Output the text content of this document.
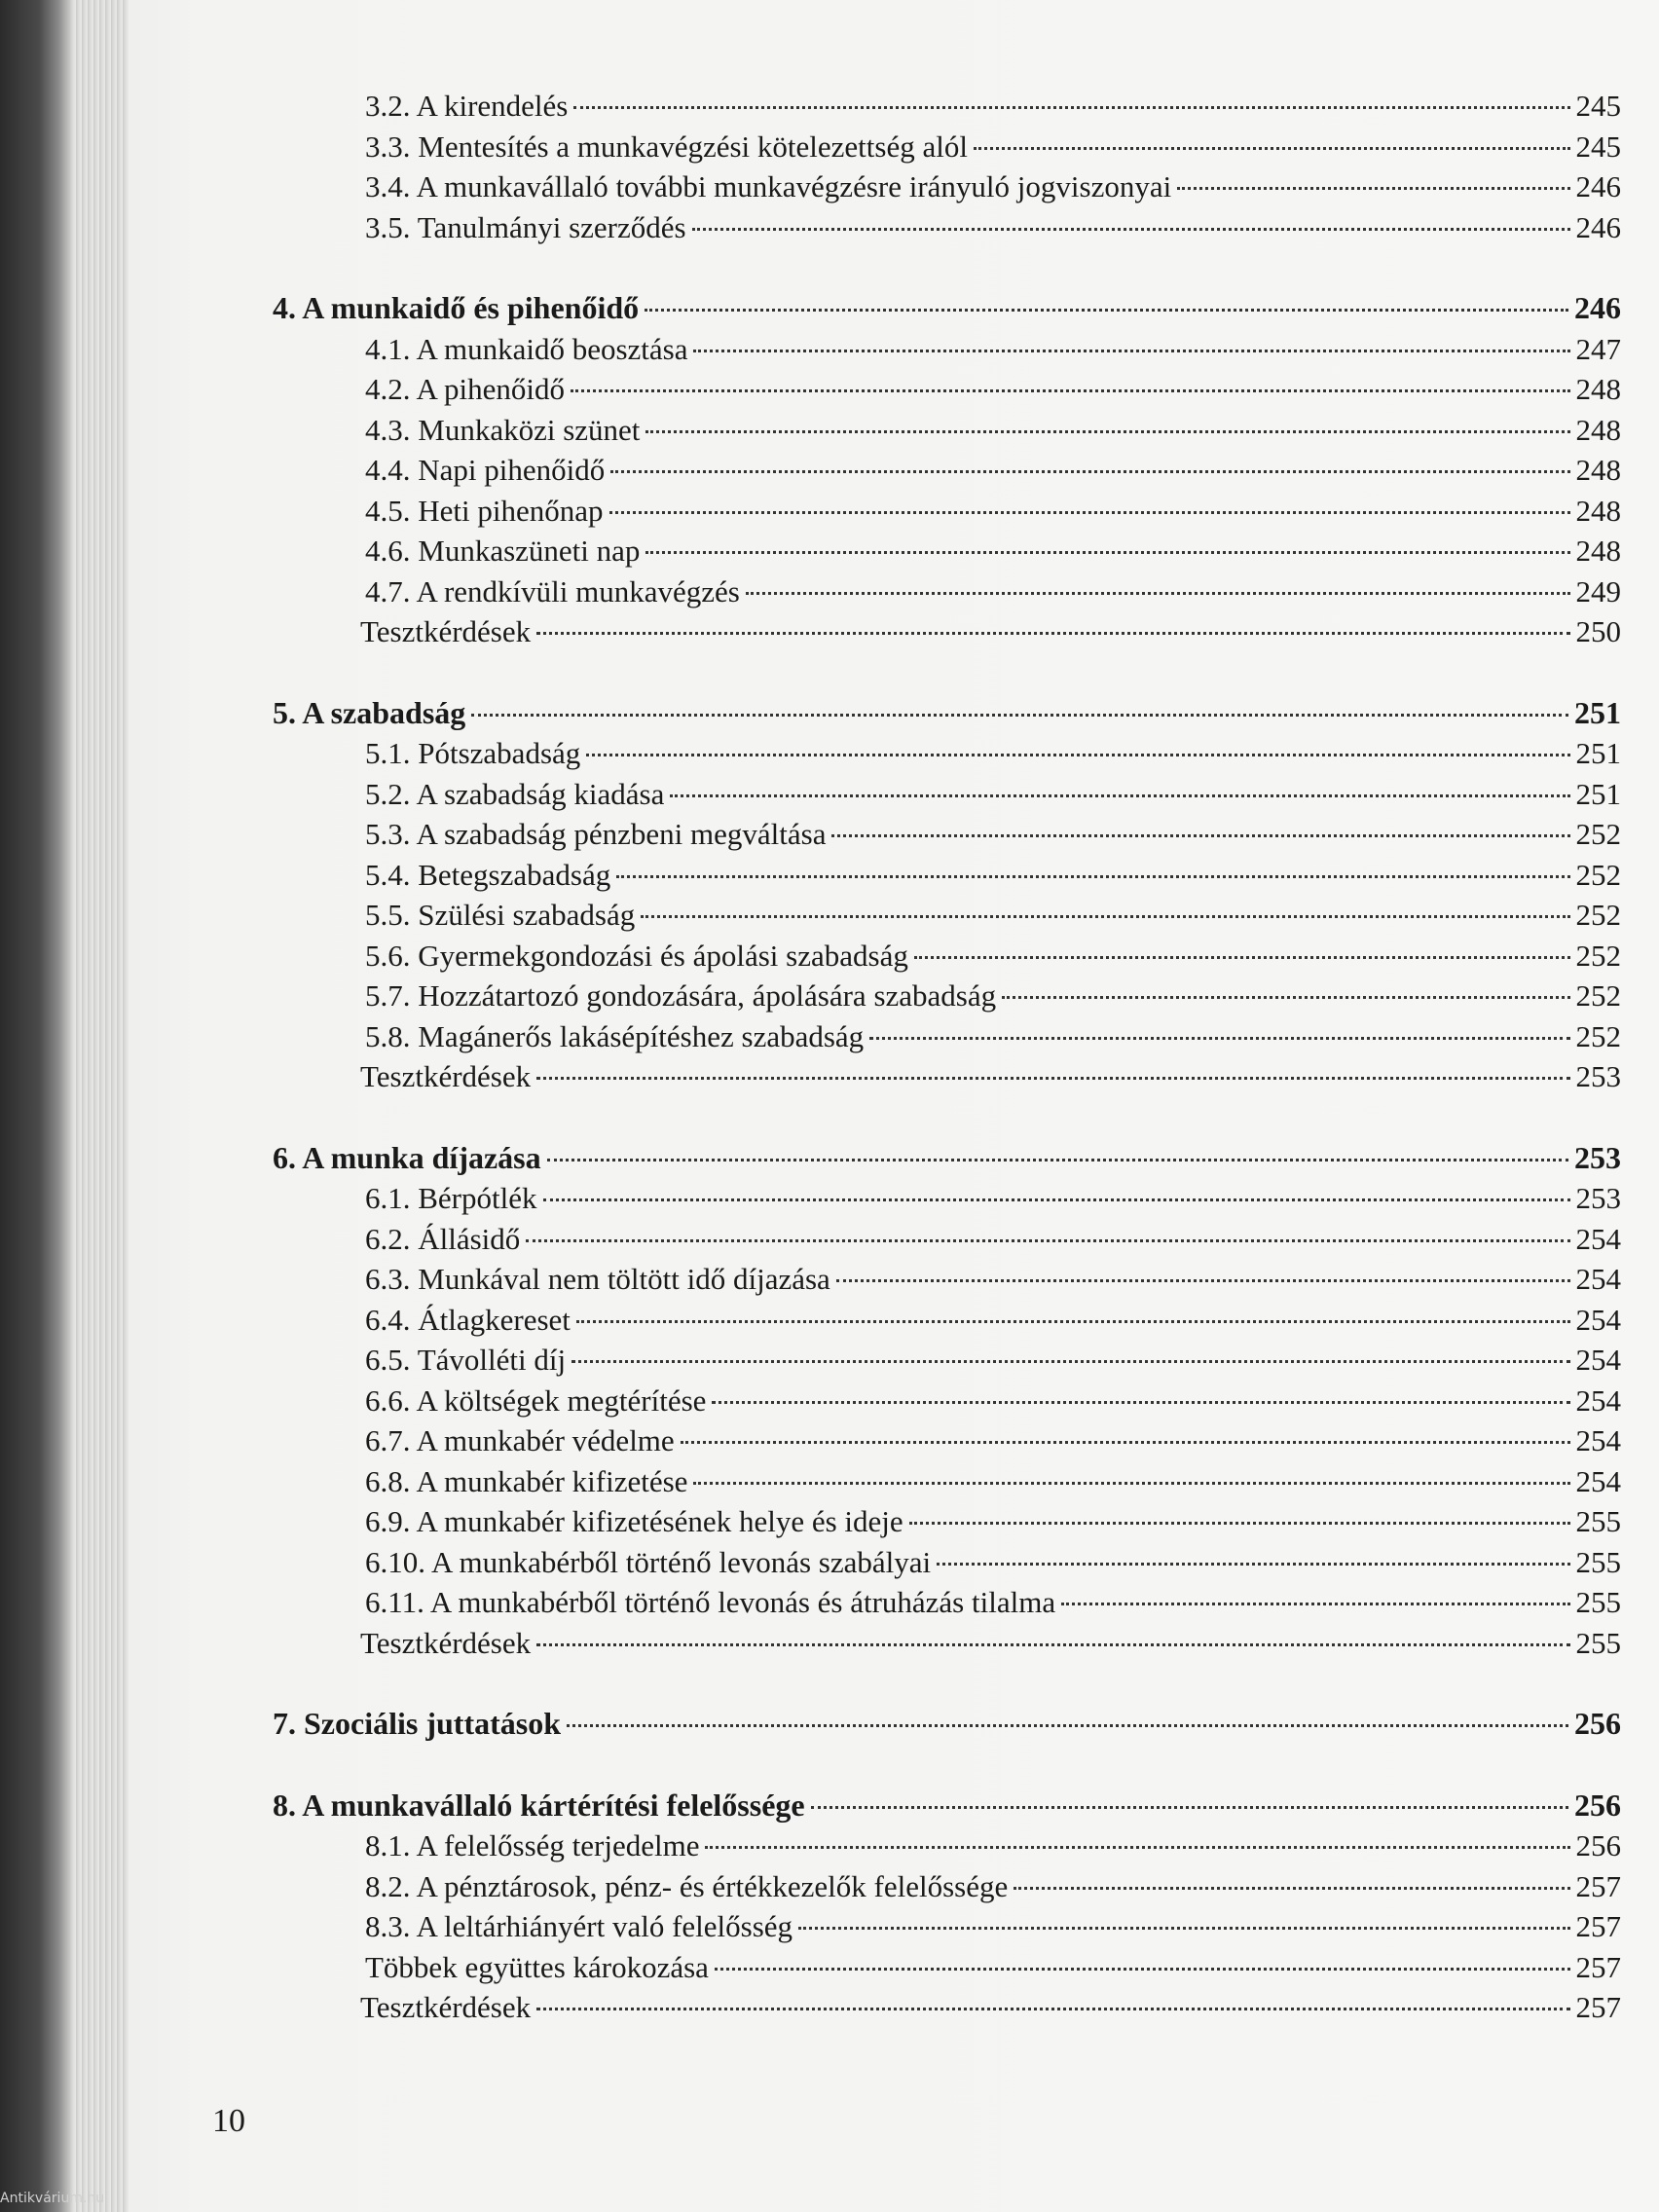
3.2. A kirendelés	245
3.3. Mentesítés a munkavégzési kötelezettség alól	245
3.4. A munkavállaló további munkavégzésre irányuló jogviszonyai	246
3.5. Tanulmányi szerződés	246
4. A munkaidő és pihenőidő	246
4.1. A munkaidő beosztása	247
4.2. A pihenőidő	248
4.3. Munkaközi szünet	248
4.4. Napi pihenőidő	248
4.5. Heti pihenőnap	248
4.6. Munkaszüneti nap	248
4.7. A rendkívüli munkavégzés	249
Tesztkérdések	250
5. A szabadság	251
5.1. Pótszabadság	251
5.2. A szabadság kiadása	251
5.3. A szabadság pénzbeni megváltása	252
5.4. Betegszabadság	252
5.5. Szülési szabadság	252
5.6. Gyermekgondozási és ápolási szabadság	252
5.7. Hozzátartozó gondozására, ápolására szabadság	252
5.8. Magánerős lakásépítéshez szabadság	252
Tesztkérdések	253
6. A munka díjazása	253
6.1. Bérpótlék	253
6.2. Állásidő	254
6.3. Munkával nem töltött idő díjazása	254
6.4. Átlagkereset	254
6.5. Távolléti díj	254
6.6. A költségek megtérítése	254
6.7. A munkabér védelme	254
6.8. A munkabér kifizetése	254
6.9. A munkabér kifizetésének helye és ideje	255
6.10. A munkabérből történő levonás szabályai	255
6.11. A munkabérből történő levonás és átruházás tilalma	255
Tesztkérdések	255
7. Szociális juttatások	256
8. A munkavállaló kártérítési felelőssége	256
8.1. A felelősség terjedelme	256
8.2. A pénztárosok, pénz- és értékkezelők felelőssége	257
8.3. A leltárhiányért való felelősség	257
Többek együttes károkozása	257
Tesztkérdések	257
10
Antikvárium.hu
